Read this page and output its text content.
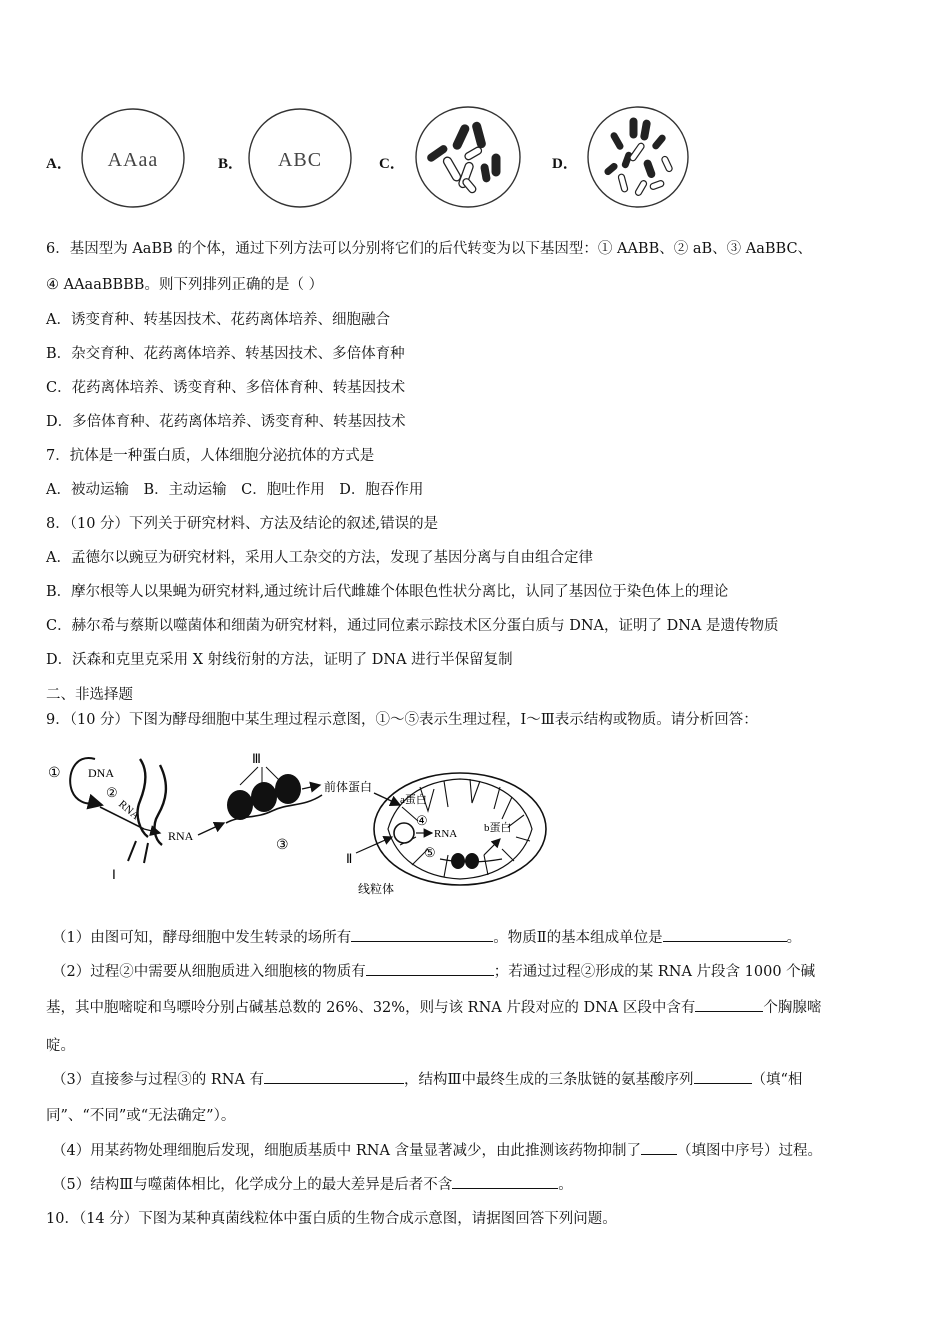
A． AAaa	B． ABC	C．	D．
6．基因型为 AaBB 的个体，通过下列方法可以分别将它们的后代转变为以下基因型：① AABB、② aB、③ AaBBC、
④ AAaaBBBB。则下列排列正确的是（ ）
A．诱变育种、转基因技术、花药离体培养、细胞融合
B．杂交育种、花药离体培养、转基因技术、多倍体育种
C．花药离体培养、诱变育种、多倍体育种、转基因技术
D．多倍体育种、花药离体培养、诱变育种、转基因技术
7．抗体是一种蛋白质，人体细胞分泌抗体的方式是
A．被动运输　B．主动运输　C．胞吐作用　D．胞吞作用
8．（10 分）下列关于研究材料、方法及结论的叙述,错误的是
A．孟德尔以豌豆为研究材料，采用人工杂交的方法，发现了基因分离与自由组合定律
B．摩尔根等人以果蝇为研究材料,通过统计后代雌雄个体眼色性状分离比，认同了基因位于染色体上的理论
C．赫尔希与蔡斯以噬菌体和细菌为研究材料，通过同位素示踪技术区分蛋白质与 DNA，证明了 DNA 是遗传物质
D．沃森和克里克采用 X 射线衍射的方法，证明了 DNA 进行半保留复制
二、非选择题
9．（10 分）下图为酵母细胞中某生理过程示意图，①～⑤表示生理过程，Ⅰ～Ⅲ表示结构或物质。请分析回答：
① DNA
②
RNA
Ⅰ
RNA
Ⅲ
③
前体蛋白
a蛋白
④
RNA b蛋白
Ⅱ	⑤
线粒体
（1）由图可知，酵母细胞中发生转录的场所有	。物质Ⅱ的基本组成单位是	。
（2）过程②中需要从细胞质进入细胞核的物质有	；若通过过程②形成的某 RNA 片段含 1000 个碱
基，其中胞嘧啶和鸟嘌呤分别占碱基总数的 26%、32%，则与该 RNA 片段对应的 DNA 区段中含有	个胸腺嘧
啶。
（3）直接参与过程③的 RNA 有	，结构Ⅲ中最终生成的三条肽链的氨基酸序列	（填“相
同”、“不同”或“无法确定”）。
（4）用某药物处理细胞后发现，细胞质基质中 RNA 含量显著减少，由此推测该药物抑制了 （填图中序号）过程。
（5）结构Ⅲ与噬菌体相比，化学成分上的最大差异是后者不含	。
10．（14 分）下图为某种真菌线粒体中蛋白质的生物合成示意图，请据图回答下列问题。
